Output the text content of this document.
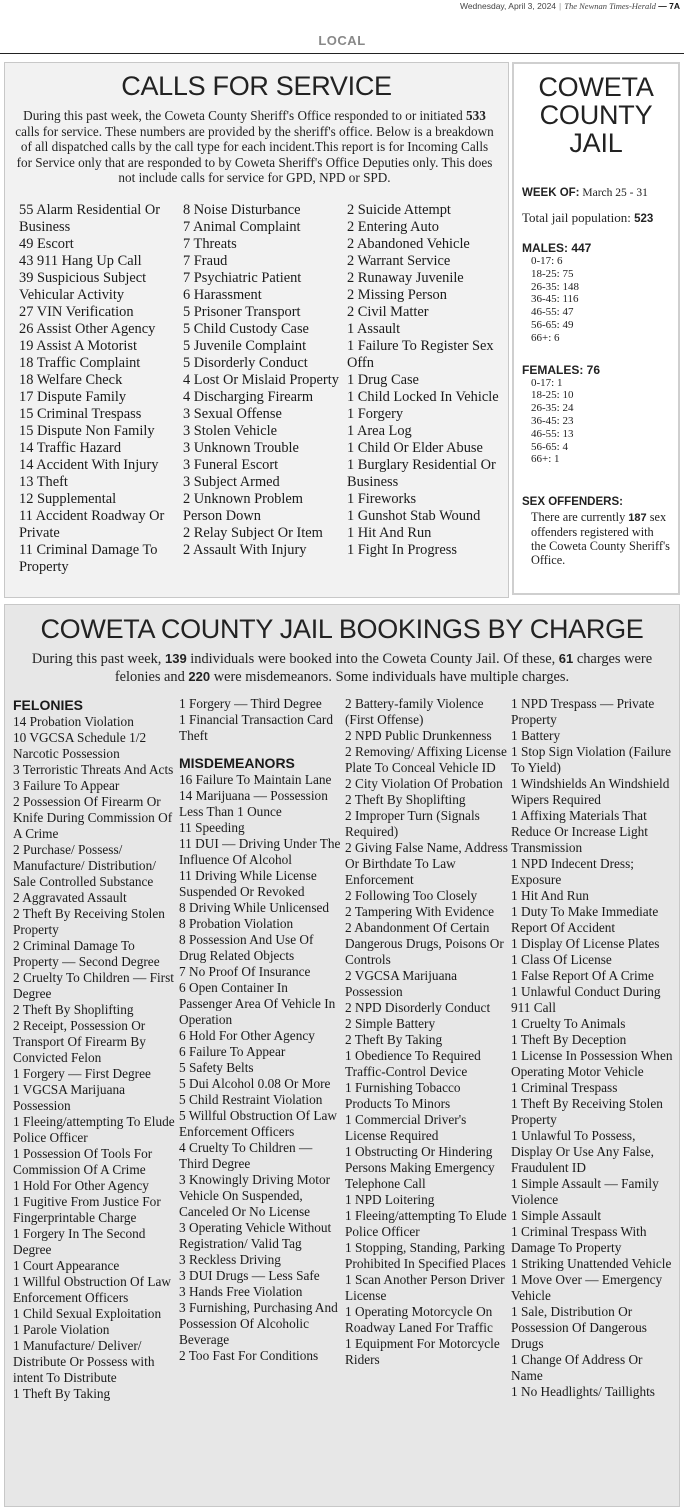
Wednesday, April 3, 2024 | The Newnan Times-Herald — 7A
LOCAL
CALLS FOR SERVICE

During this past week, the Coweta County Sheriff's Office responded to or initiated 533 calls for service. These numbers are provided by the sheriff's office. Below is a breakdown of all dispatched calls by the call type for each incident.This report is for Incoming Calls for Service only that are responded to by Coweta Sheriff's Office Deputies only. This does not include calls for service for GPD, NPD or SPD.

55 Alarm Residential Or Business
49 Escort
43 911 Hang Up Call
39 Suspicious Subject Vehicular Activity
27 VIN Verification
26 Assist Other Agency
19 Assist A Motorist
18 Traffic Complaint
18 Welfare Check
17 Dispute Family
15 Criminal Trespass
15 Dispute Non Family
14 Traffic Hazard
14 Accident With Injury
13 Theft
12 Supplemental
11 Accident Roadway Or Private
11 Criminal Damage To Property
8 Noise Disturbance
7 Animal Complaint
7 Threats
7 Fraud
7 Psychiatric Patient
6 Harassment
5 Prisoner Transport
5 Child Custody Case
5 Juvenile Complaint
5 Disorderly Conduct
4 Lost Or Mislaid Property
4 Discharging Firearm
3 Sexual Offense
3 Stolen Vehicle
3 Unknown Trouble
3 Funeral Escort
3 Subject Armed
2 Unknown Problem Person Down
2 Relay Subject Or Item
2 Assault With Injury
2 Suicide Attempt
2 Entering Auto
2 Abandoned Vehicle
2 Warrant Service
2 Runaway Juvenile
2 Missing Person
2 Civil Matter
1 Assault
1 Failure To Register Sex Offn
1 Drug Case
1 Child Locked In Vehicle
1 Forgery
1 Area Log
1 Child Or Elder Abuse
1 Burglary Residential Or Business
1 Fireworks
1 Gunshot Stab Wound
1 Hit And Run
1 Fight In Progress
COWETA COUNTY JAIL
WEEK OF: March 25 - 31
Total jail population: 523
MALES: 447
0-17: 6
18-25: 75
26-35: 148
36-45: 116
46-55: 47
56-65: 49
66+: 6
FEMALES: 76
0-17: 1
18-25: 10
26-35: 24
36-45: 23
46-55: 13
56-65: 4
66+: 1
SEX OFFENDERS:
There are currently 187 sex offenders registered with the Coweta County Sheriff's Office.
COWETA COUNTY JAIL BOOKINGS BY CHARGE

During this past week, 139 individuals were booked into the Coweta County Jail. Of these, 61 charges were felonies and 220 were misdemeanors. Some individuals have multiple charges.

FELONIES
14 Probation Violation
10 VGCSA Schedule 1/2 Narcotic Possession
3 Terroristic Threats And Acts
3 Failure To Appear
2 Possession Of Firearm Or Knife During Commission Of A Crime
2 Purchase/ Possess/ Manufacture/ Distribution/ Sale Controlled Substance
2 Aggravated Assault
2 Theft By Receiving Stolen Property
2 Criminal Damage To Property — Second Degree
2 Cruelty To Children — First Degree
2 Theft By Shoplifting
2 Receipt, Possession Or Transport Of Firearm By Convicted Felon
1 Forgery — First Degree
1 VGCSA Marijuana Possession
1 Fleeing/attempting To Elude Police Officer
1 Possession Of Tools For Commission Of A Crime
1 Hold For Other Agency
1 Fugitive From Justice For Fingerprintable Charge
1 Forgery In The Second Degree
1 Court Appearance
1 Willful Obstruction Of Law Enforcement Officers
1 Child Sexual Exploitation
1 Parole Violation
1 Manufacture/ Deliver/ Distribute Or Possess with intent To Distribute
1 Theft By Taking
1 Forgery — Third Degree
1 Financial Transaction Card Theft
MISDEMEANORS
16 Failure To Maintain Lane
14 Marijuana — Possession Less Than 1 Ounce
11 Speeding
11 DUI — Driving Under The Influence Of Alcohol
11 Driving While License Suspended Or Revoked
8 Driving While Unlicensed
8 Probation Violation
8 Possession And Use Of Drug Related Objects
7 No Proof Of Insurance
6 Open Container In Passenger Area Of Vehicle In Operation
6 Hold For Other Agency
6 Failure To Appear
5 Safety Belts
5 Dui Alcohol 0.08 Or More
5 Child Restraint Violation
5 Willful Obstruction Of Law Enforcement Officers
4 Cruelty To Children — Third Degree
3 Knowingly Driving Motor Vehicle On Suspended, Canceled Or No License
3 Operating Vehicle Without Registration/ Valid Tag
3 Reckless Driving
3 DUI Drugs — Less Safe
3 Hands Free Violation
3 Furnishing, Purchasing And Possession Of Alcoholic Beverage
2 Too Fast For Conditions
2 Battery-family Violence (First Offense)
2 NPD Public Drunkenness
2 Removing/ Affixing License Plate To Conceal Vehicle ID
2 City Violation Of Probation
2 Theft By Shoplifting
2 Improper Turn (Signals Required)
2 Giving False Name, Address Or Birthdate To Law Enforcement
2 Following Too Closely
2 Tampering With Evidence
2 Abandonment Of Certain Dangerous Drugs, Poisons Or Controls
2 VGCSA Marijuana Possession
2 NPD Disorderly Conduct
2 Simple Battery
2 Theft By Taking
1 Obedience To Required Traffic-Control Device
1 Furnishing Tobacco Products To Minors
1 Commercial Driver's License Required
1 Obstructing Or Hindering Persons Making Emergency Telephone Call
1 NPD Loitering
1 Fleeing/attempting To Elude Police Officer
1 Stopping, Standing, Parking Prohibited In Specified Places
1 Scan Another Person Driver License
1 Operating Motorcycle On Roadway Laned For Traffic
1 Equipment For Motorcycle Riders
1 NPD Trespass — Private Property
1 Battery
1 Stop Sign Violation (Failure To Yield)
1 Windshields An Windshield Wipers Required
1 Affixing Materials That Reduce Or Increase Light Transmission
1 NPD Indecent Dress; Exposure
1 Hit And Run
1 Duty To Make Immediate Report Of Accident
1 Display Of License Plates
1 Class Of License
1 False Report Of A Crime
1 Unlawful Conduct During 911 Call
1 Cruelty To Animals
1 Theft By Deception
1 License In Possession When Operating Motor Vehicle
1 Criminal Trespass
1 Theft By Receiving Stolen Property
1 Unlawful To Possess, Display Or Use Any False, Fraudulent ID
1 Simple Assault — Family Violence
1 Simple Assault
1 Criminal Trespass With Damage To Property
1 Striking Unattended Vehicle
1 Move Over — Emergency Vehicle
1 Sale, Distribution Or Possession Of Dangerous Drugs
1 Change Of Address Or Name
1 No Headlights/ Taillights
